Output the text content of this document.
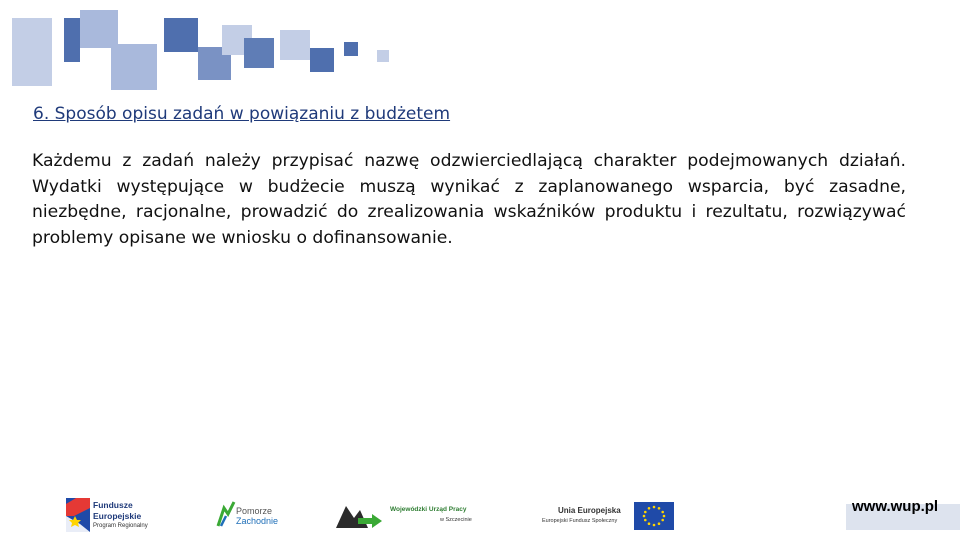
6. Sposób opisu zadań w powiązaniu z budżetem

Każdemu z zadań należy przypisać nazwę odzwierciedlającą charakter podejmowanych działań. Wydatki występujące w budżecie muszą wynikać z zaplanowanego wsparcia, być zasadne, niezbędne, racjonalne, prowadzić do zrealizowania wskaźników produktu i rezultatu, rozwiązywać problemy opisane we wniosku o dofinansowanie.

Fundusze
Europejskie
Program Regionalny
Pomorze
Zachodnie
Wojewódzki Urząd Pracy
w Szczecinie
Unia Europejska
Europejski Fundusz Społeczny
www.wup.pl
